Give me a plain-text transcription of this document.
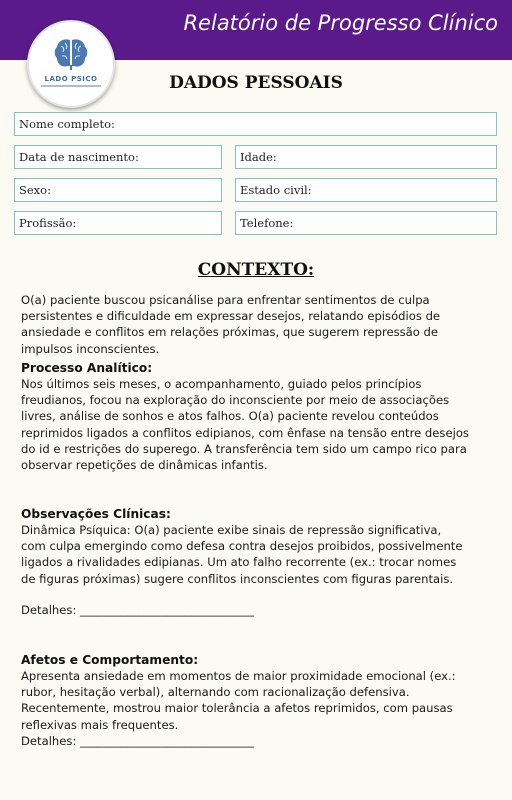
Relatório de Progresso Clínico
LADO PSICO	DADOS PESSOAIS
Nome completo:
Data de nascimento:	Idade:
Sexo:	Estado civil:
Profissão:	Telefone:
CONTEXTO:
O(a) paciente buscou psicanálise para enfrentar sentimentos de culpa persistentes e dificuldade em expressar desejos, relatando episódios de ansiedade e conflitos em relações próximas, que sugerem repressão de impulsos inconscientes.
Processo Analítico:
Nos últimos seis meses, o acompanhamento, guiado pelos princípios freudianos, focou na exploração do inconsciente por meio de associações livres, análise de sonhos e atos falhos. O(a) paciente revelou conteúdos reprimidos ligados a conflitos edipianos, com ênfase na tensão entre desejos do id e restrições do superego. A transferência tem sido um campo rico para observar repetições de dinâmicas infantis.
Observações Clínicas:
Dinâmica Psíquica: O(a) paciente exibe sinais de repressão significativa, com culpa emergindo como defesa contra desejos proibidos, possivelmente ligados a rivalidades edipianas. Um ato falho recorrente (ex.: trocar nomes de figuras próximas) sugere conflitos inconscientes com figuras parentais.
Detalhes: ______________________________
Afetos e Comportamento:
Apresenta ansiedade em momentos de maior proximidade emocional (ex.: rubor, hesitação verbal), alternando com racionalização defensiva. Recentemente, mostrou maior tolerância a afetos reprimidos, com pausas reflexivas mais frequentes.
Detalhes: ______________________________
